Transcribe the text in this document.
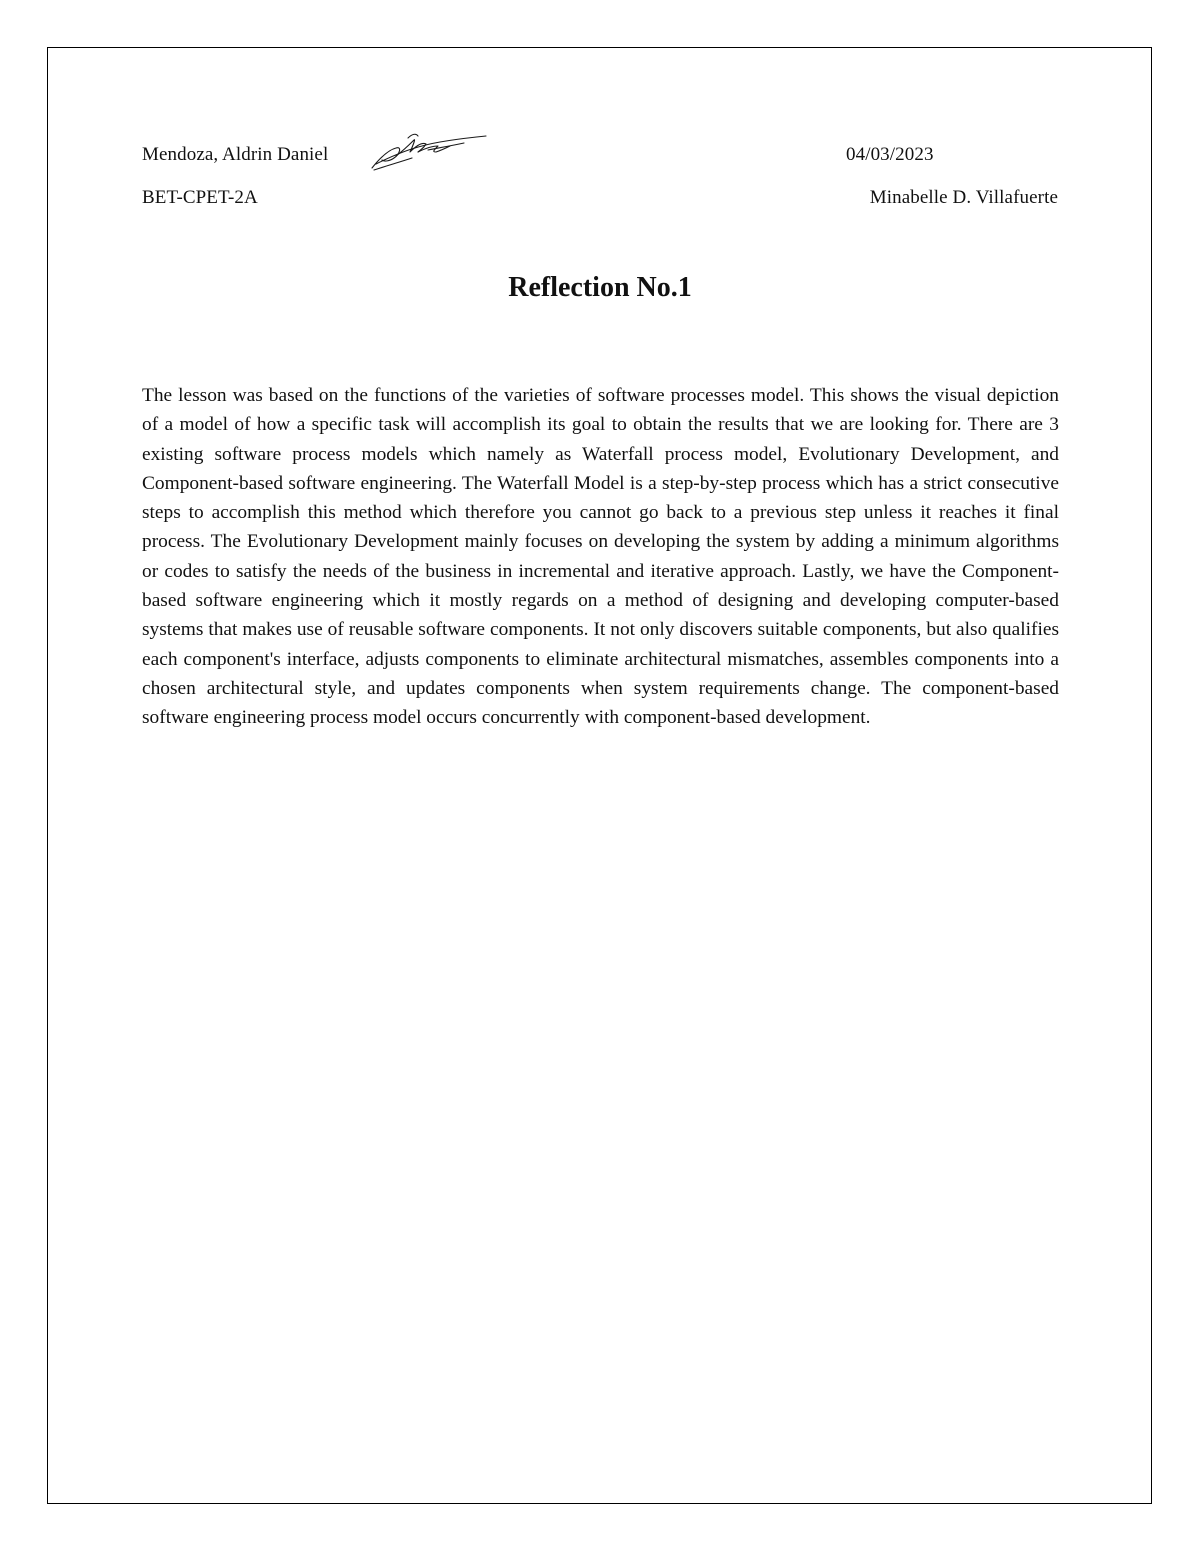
Mendoza, Aldrin Daniel	04/03/2023
BET-CPET-2A	Minabelle D. Villafuerte
Reflection No.1

The lesson was based on the functions of the varieties of software processes model. This shows the visual depiction of a model of how a specific task will accomplish its goal to obtain the results that we are looking for. There are 3 existing software process models which namely as Waterfall process model, Evolutionary Development, and Component-based software engineering. The Waterfall Model is a step-by-step process which has a strict consecutive steps to accomplish this method which therefore you cannot go back to a previous step unless it reaches it final process. The Evolutionary Development mainly focuses on developing the system by adding a minimum algorithms or codes to satisfy the needs of the business in incremental and iterative approach. Lastly, we have the Component-based software engineering which it mostly regards on a method of designing and developing computer-based systems that makes use of reusable software components. It not only discovers suitable components, but also qualifies each component's interface, adjusts components to eliminate architectural mismatches, assembles components into a chosen architectural style, and updates components when system requirements change. The component-based software engineering process model occurs concurrently with component-based development.
